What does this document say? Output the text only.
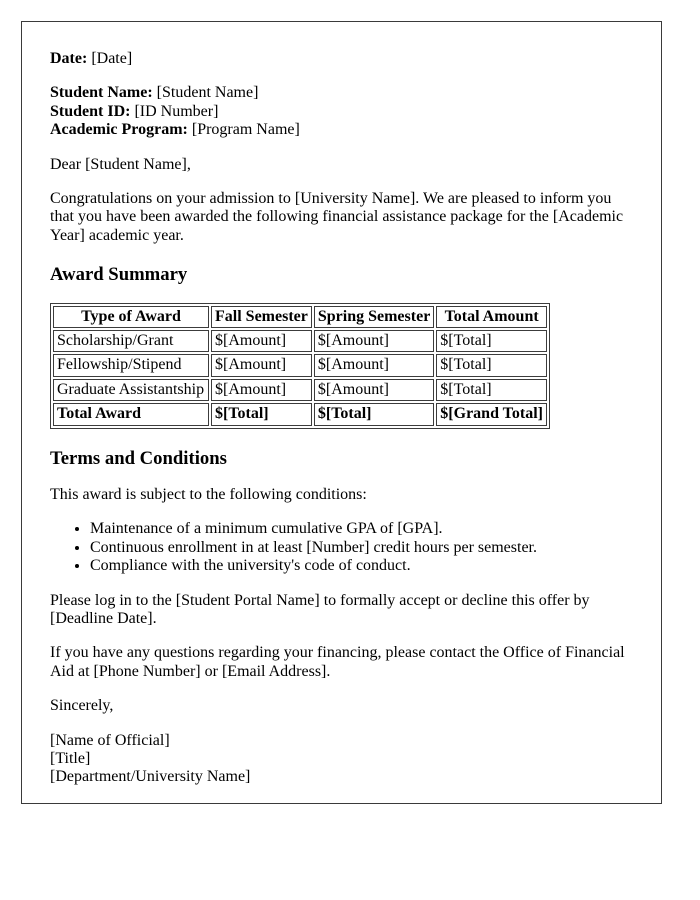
Date: [Date]

Student Name: [Student Name]
Student ID: [ID Number]
Academic Program: [Program Name]

Dear [Student Name],

Congratulations on your admission to [University Name]. We are pleased to inform you that you have been awarded the following financial assistance package for the [Academic Year] academic year.

Award Summary
Type of Award	Fall Semester	Spring Semester	Total Amount
Scholarship/Grant	$[Amount]	$[Amount]	$[Total]
Fellowship/Stipend	$[Amount]	$[Amount]	$[Total]
Graduate Assistantship	$[Amount]	$[Amount]	$[Total]
Total Award	$[Total]	$[Total]	$[Grand Total]
Terms and Conditions

This award is subject to the following conditions:

• Maintenance of a minimum cumulative GPA of [GPA].
• Continuous enrollment in at least [Number] credit hours per semester.
• Compliance with the university's code of conduct.

Please log in to the [Student Portal Name] to formally accept or decline this offer by [Deadline Date].

If you have any questions regarding your financing, please contact the Office of Financial Aid at [Phone Number] or [Email Address].

Sincerely,

[Name of Official]
[Title]
[Department/University Name]
